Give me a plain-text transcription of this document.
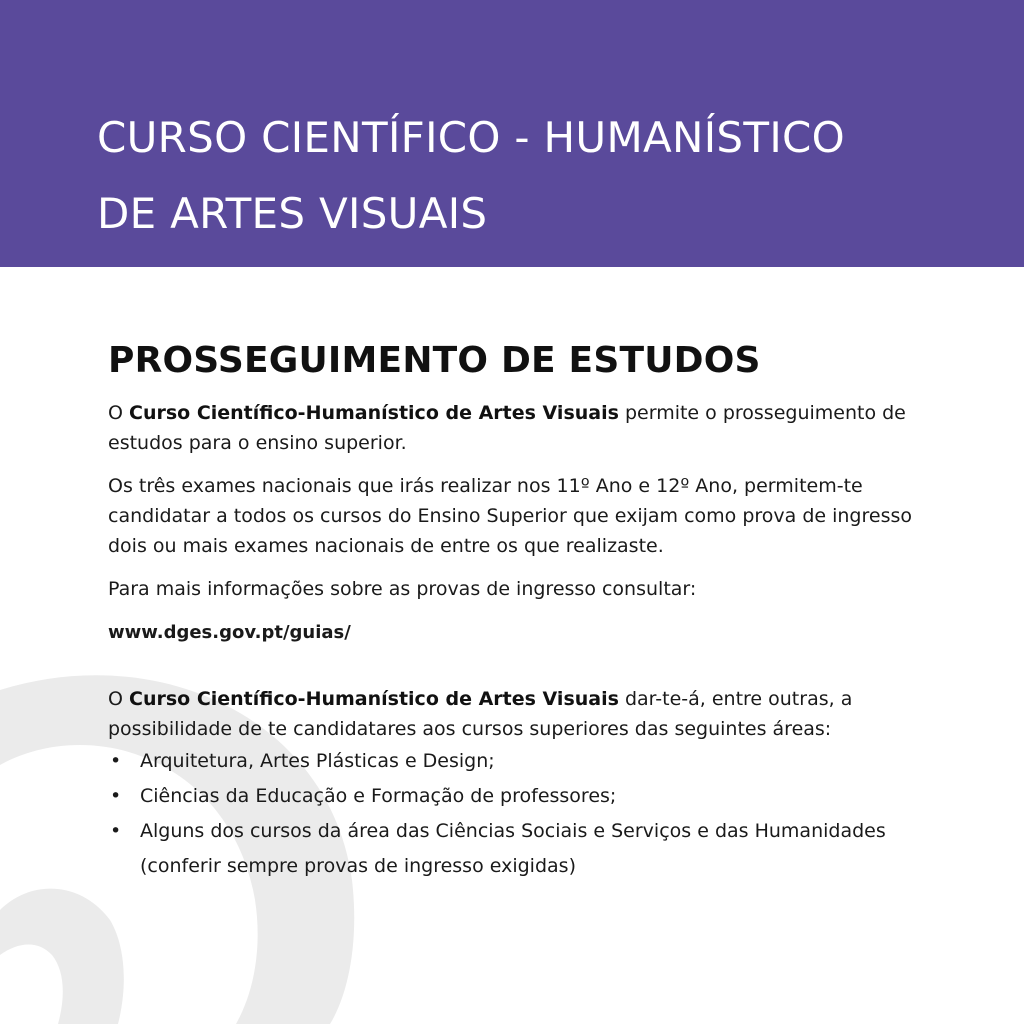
CURSO CIENTÍFICO - HUMANÍSTICO
DE ARTES VISUAIS
PROSSEGUIMENTO DE ESTUDOS

O Curso Científico-Humanístico de Artes Visuais permite o prosseguimento de estudos para o ensino superior.

Os três exames nacionais que irás realizar nos 11º Ano e 12º Ano, permitem-te candidatar a todos os cursos do Ensino Superior que exijam como prova de ingresso dois ou mais exames nacionais de entre os que realizaste.

Para mais informações sobre as provas de ingresso consultar:

www.dges.gov.pt/guias/

O Curso Científico-Humanístico de Artes Visuais dar-te-á, entre outras, a possibilidade de te candidatares aos cursos superiores das seguintes áreas:

• Arquitetura, Artes Plásticas e Design;
• Ciências da Educação e Formação de professores;
• Alguns dos cursos da área das Ciências Sociais e Serviços e das Humanidades (conferir sempre provas de ingresso exigidas)
